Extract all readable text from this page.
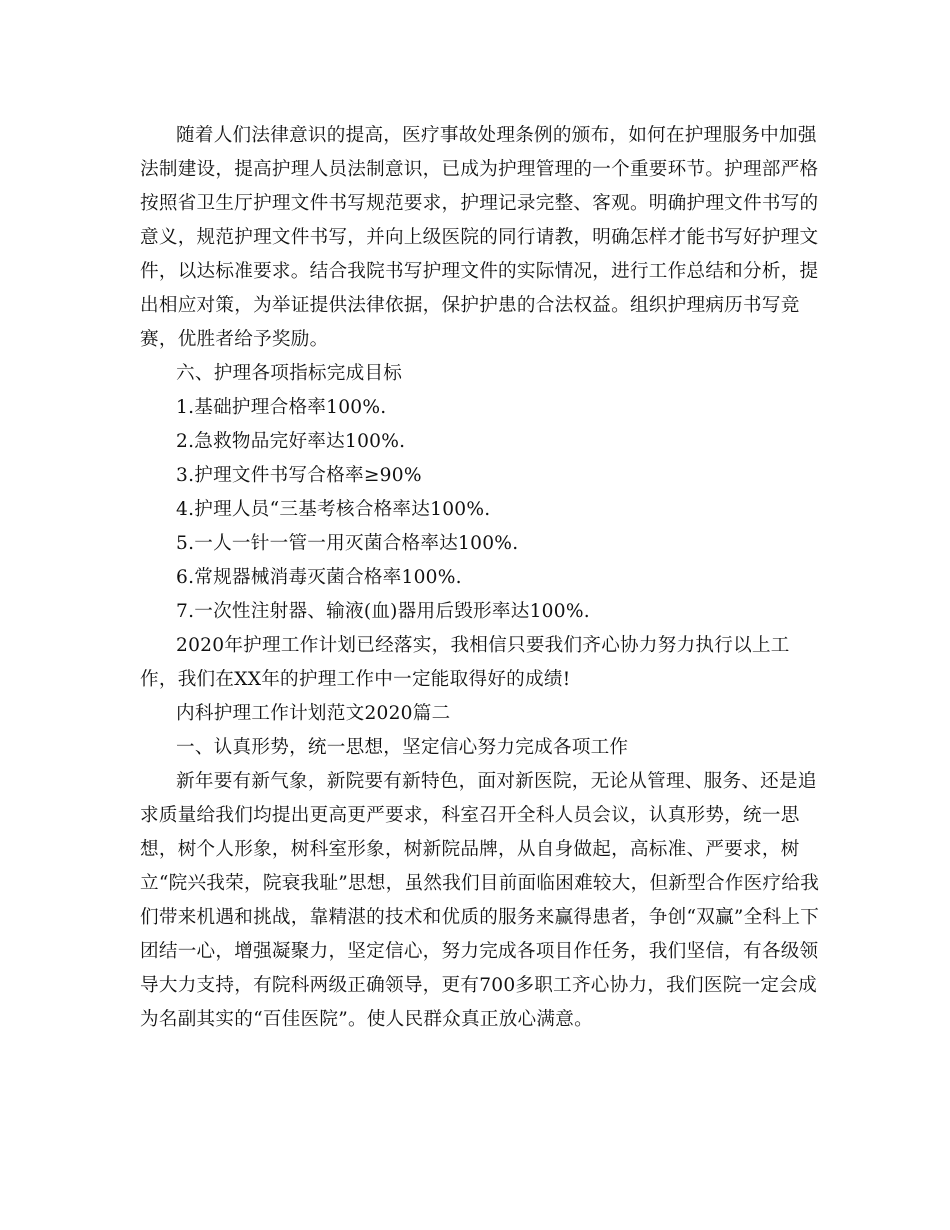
随着人们法律意识的提高，医疗事故处理条例的颁布，如何在护理服务中加强
法制建设，提高护理人员法制意识，已成为护理管理的一个重要环节。护理部严格
按照省卫生厅护理文件书写规范要求，护理记录完整、客观。明确护理文件书写的
意义，规范护理文件书写，并向上级医院的同行请教，明确怎样才能书写好护理文
件，以达标准要求。结合我院书写护理文件的实际情况，进行工作总结和分析，提
出相应对策，为举证提供法律依据，保护护患的合法权益。组织护理病历书写竞
赛，优胜者给予奖励。
六、护理各项指标完成目标
1.基础护理合格率100%.
2.急救物品完好率达100%.
3.护理文件书写合格率≥90%
4.护理人员“三基考核合格率达100%.
5.一人一针一管一用灭菌合格率达100%.
6.常规器械消毒灭菌合格率100%.
7.一次性注射器、输液(血)器用后毁形率达100%.
2020年护理工作计划已经落实，我相信只要我们齐心协力努力执行以上工
作，我们在XX年的护理工作中一定能取得好的成绩!
内科护理工作计划范文2020篇二
一、认真形势，统一思想，坚定信心努力完成各项工作
新年要有新气象，新院要有新特色，面对新医院，无论从管理、服务、还是追
求质量给我们均提出更高更严要求，科室召开全科人员会议，认真形势，统一思
想，树个人形象，树科室形象，树新院品牌，从自身做起，高标准、严要求，树
立“院兴我荣，院衰我耻”思想，虽然我们目前面临困难较大，但新型合作医疗给我
们带来机遇和挑战，靠精湛的技术和优质的服务来赢得患者，争创“双赢”全科上下
团结一心，增强凝聚力，坚定信心，努力完成各项目作任务，我们坚信，有各级领
导大力支持，有院科两级正确领导，更有700多职工齐心协力，我们医院一定会成
为名副其实的“百佳医院”。使人民群众真正放心满意。
